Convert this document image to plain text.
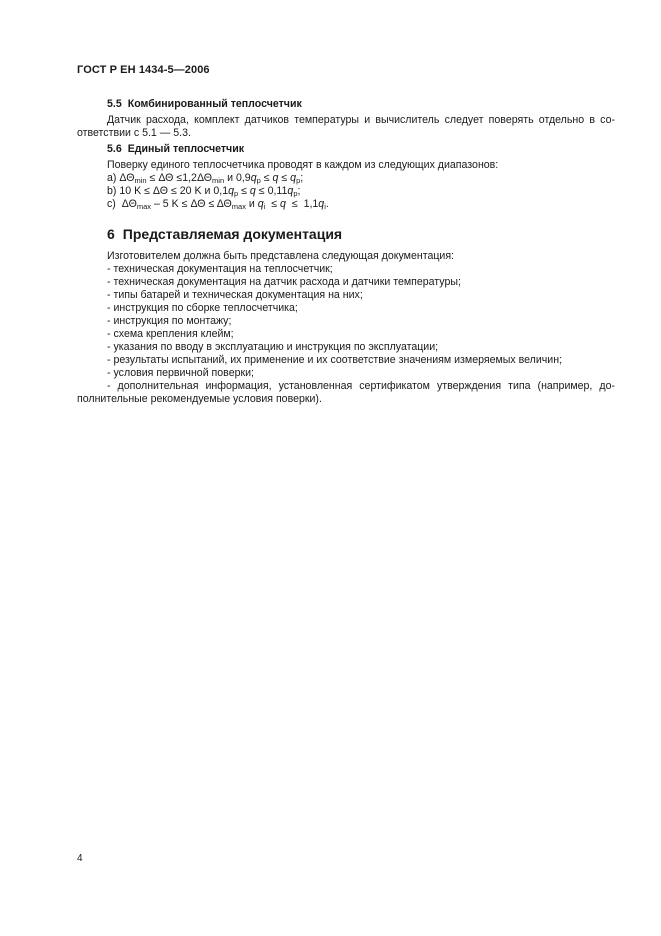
ГОСТ Р ЕН 1434-5—2006
5.5 Комбинированный теплосчетчик

Датчик расхода, комплект датчиков температуры и вычислитель следует поверять отдельно в со-ответствии с 5.1 — 5.3.

5.6 Единый теплосчетчик

Поверку единого теплосчетчика проводят в каждом из следующих диапазонов:

a) $\Delta\Theta_{min} \le \Delta\Theta \le 1,2\Delta\Theta_{min}$ и $0,9q_p \le q \le q_p$;

b) 10 K ≤ ΔΘ ≤ 20 K и $0,1q_p \le q \le 0,11q_p$;

c) $\Delta\Theta_{max} - 5$ $K \le \Delta\Theta \le \Delta\Theta_{max}$ и $q_i \le q \le 1,1q_i$.

6 Представляемая документация

Изготовителем должна быть представлена следующая документация:

- техническая документация на теплосчетчик;

- техническая документация на датчик расхода и датчики температуры;

- типы батарей и техническая документация на них;

- инструкция по сборке теплосчетчика;

- инструкция по монтажу;

- схема крепления клейм;

- указания по вводу в эксплуатацию и инструкция по эксплуатации;

- результаты испытаний, их применение и их соответствие значениям измеряемых величин;

- условия первичной поверки;

- дополнительная информация, установленная сертификатом утверждения типа (например, до-полнительные рекомендуемые условия поверки).

4
